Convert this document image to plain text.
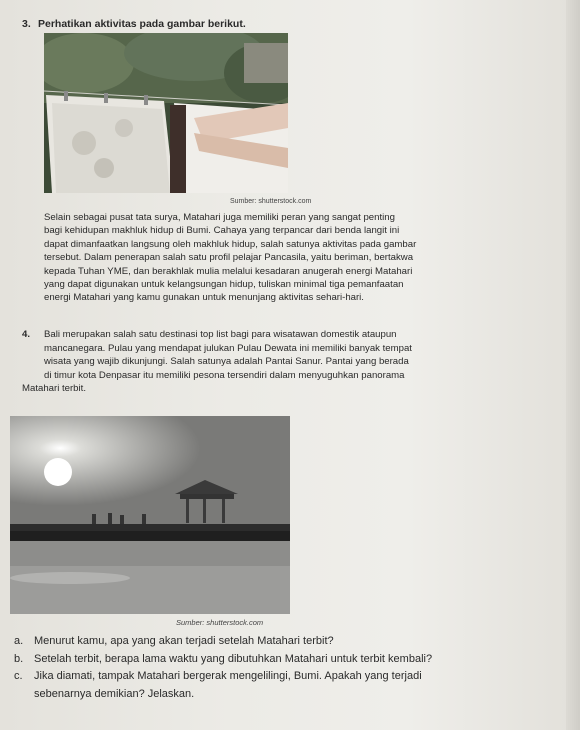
3. Perhatikan aktivitas pada gambar berikut.
Sumber: shutterstock.com

Selain sebagai pusat tata surya, Matahari juga memiliki peran yang sangat penting

bagi kehidupan makhluk hidup di Bumi. Cahaya yang terpancar dari benda langit ini

dapat dimanfaatkan langsung oleh makhluk hidup, salah satunya aktivitas pada gambar

tersebut. Dalam penerapan salah satu profil pelajar Pancasila, yaitu beriman, bertakwa

kepada Tuhan YME, dan berakhlak mulia melalui kesadaran anugerah energi Matahari

yang dapat digunakan untuk kelangsungan hidup, tuliskan minimal tiga pemanfaatan

energi Matahari yang kamu gunakan untuk menunjang aktivitas sehari-hari.

4. Bali merupakan salah satu destinasi top list bagi para wisatawan domestik ataupun
mancanegara. Pulau yang mendapat julukan Pulau Dewata ini memiliki banyak tempat
wisata yang wajib dikunjungi. Salah satunya adalah Pantai Sanur. Pantai yang berada
di timur kota Denpasar itu memiliki pesona tersendiri dalam menyuguhkan panorama
Matahari terbit.
Sumber: shutterstock.com
a. Menurut kamu, apa yang akan terjadi setelah Matahari terbit?
b. Setelah terbit, berapa lama waktu yang dibutuhkan Matahari untuk terbit kembali?
c.	Jika diamati, tampak Matahari bergerak mengelilingi, Bumi. Apakah yang terjadi
sebenarnya demikian? Jelaskan.
